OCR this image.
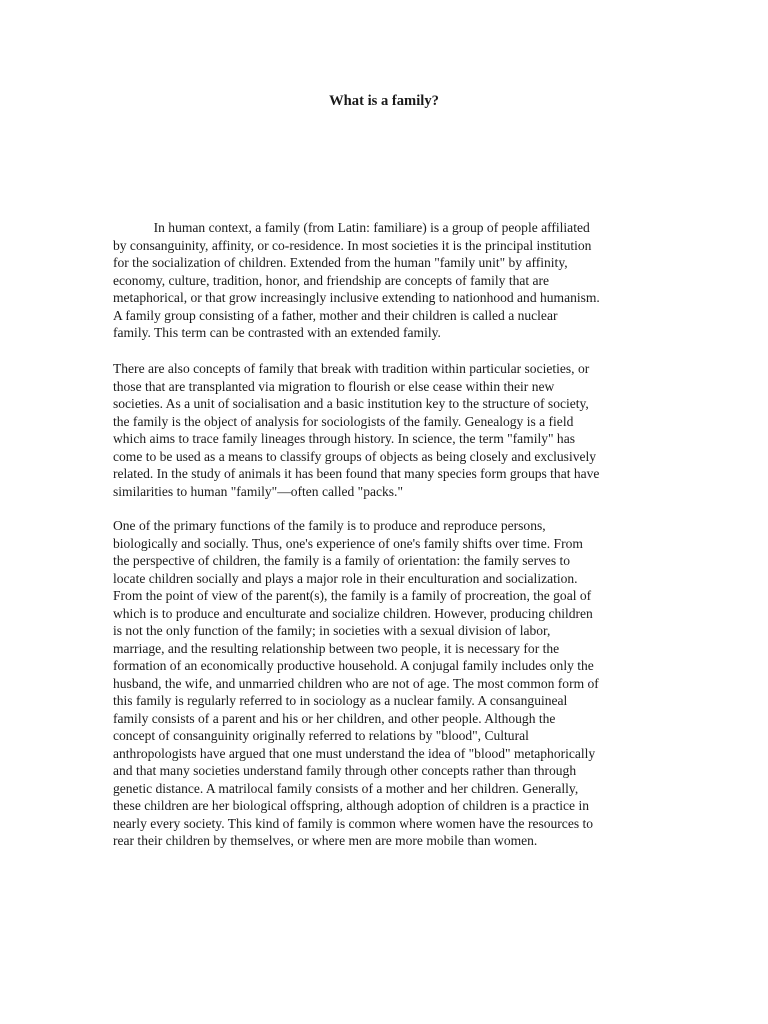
What is a family?
In human context, a family (from Latin: familiare) is a group of people affiliated
by consanguinity, affinity, or co-residence. In most societies it is the principal institution
for the socialization of children. Extended from the human "family unit" by affinity,
economy, culture, tradition, honor, and friendship are concepts of family that are
metaphorical, or that grow increasingly inclusive extending to nationhood and humanism.
A family group consisting of a father, mother and their children is called a nuclear
family. This term can be contrasted with an extended family.
There are also concepts of family that break with tradition within particular societies, or
those that are transplanted via migration to flourish or else cease within their new
societies. As a unit of socialisation and a basic institution key to the structure of society,
the family is the object of analysis for sociologists of the family. Genealogy is a field
which aims to trace family lineages through history. In science, the term "family" has
come to be used as a means to classify groups of objects as being closely and exclusively
related. In the study of animals it has been found that many species form groups that have
similarities to human "family"—often called "packs."
One of the primary functions of the family is to produce and reproduce persons,
biologically and socially. Thus, one's experience of one's family shifts over time. From
the perspective of children, the family is a family of orientation: the family serves to
locate children socially and plays a major role in their enculturation and socialization.
From the point of view of the parent(s), the family is a family of procreation, the goal of
which is to produce and enculturate and socialize children. However, producing children
is not the only function of the family; in societies with a sexual division of labor,
marriage, and the resulting relationship between two people, it is necessary for the
formation of an economically productive household. A conjugal family includes only the
husband, the wife, and unmarried children who are not of age. The most common form of
this family is regularly referred to in sociology as a nuclear family. A consanguineal
family consists of a parent and his or her children, and other people. Although the
concept of consanguinity originally referred to relations by "blood", Cultural
anthropologists have argued that one must understand the idea of "blood" metaphorically
and that many societies understand family through other concepts rather than through
genetic distance. A matrilocal family consists of a mother and her children. Generally,
these children are her biological offspring, although adoption of children is a practice in
nearly every society. This kind of family is common where women have the resources to
rear their children by themselves, or where men are more mobile than women.
